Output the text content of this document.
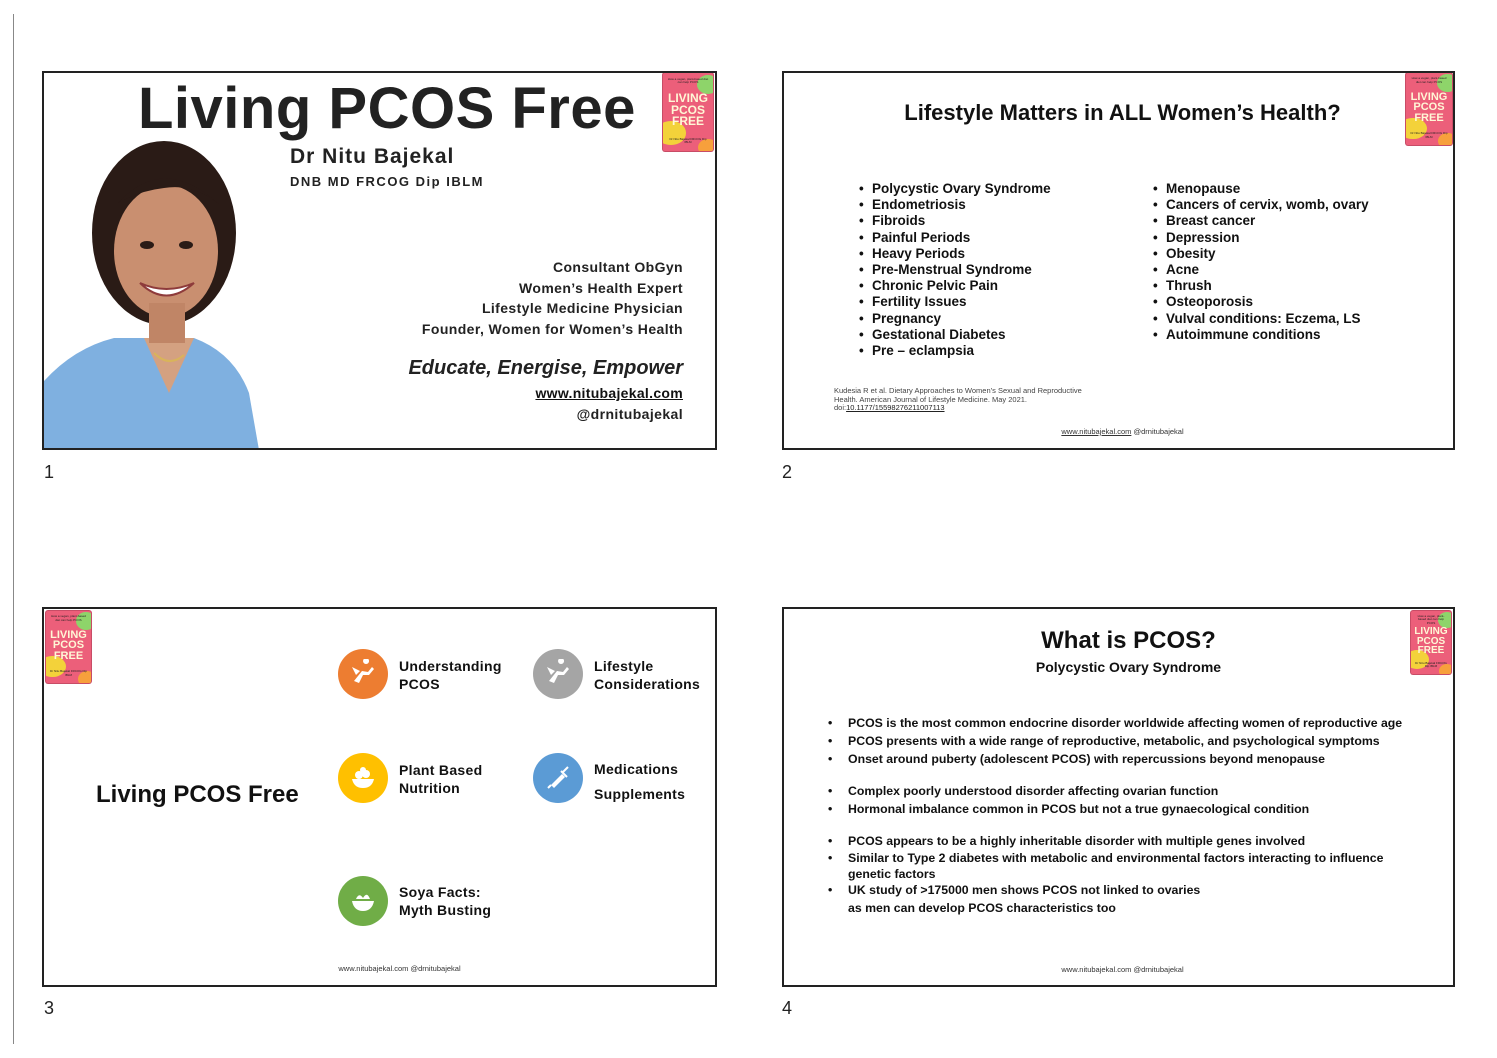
Living PCOS Free
Dr Nitu Bajekal
DNB MD FRCOG Dip IBLM
How a vegan, plant-based diet can help PCOS
LIVING
PCOS
FREE
Dr Nitu Bajekal FRCOG Dip IBLM
Consultant ObGyn
Women’s Health Expert
Lifestyle Medicine Physician
Founder, Women for Women’s Health
Educate, Energise, Empower
www.nitubajekal.com
@drnitubajekal
1
Lifestyle Matters in ALL Women’s Health?
How a vegan, plant-based diet can help PCOS
LIVING
PCOS
FREE
Dr Nitu Bajekal FRCOG Dip IBLM
• Polycystic Ovary Syndrome
• Endometriosis
• Fibroids
• Painful Periods
• Heavy Periods
• Pre-Menstrual Syndrome
• Chronic Pelvic Pain
• Fertility Issues
• Pregnancy
• Gestational Diabetes
• Pre – eclampsia
• Menopause
• Cancers of cervix, womb, ovary
• Breast cancer
• Depression
• Obesity
• Acne
• Thrush
• Osteoporosis
• Vulval conditions: Eczema, LS
• Autoimmune conditions
Kudesia R et al. Dietary Approaches to Women’s Sexual and Reproductive
Health. American Journal of Lifestyle Medicine. May 2021.
doi:10.1177/15598276211007113
www.nitubajekal.com @drnitubajekal
2
How a vegan, plant-based diet can help PCOS
LIVING
PCOS
FREE
Dr Nitu Bajekal FRCOG Dip IBLM
Living PCOS Free
Understanding
PCOS
Lifestyle
Considerations
Plant Based
Nutrition
Medications
Supplements
Soya Facts:
Myth Busting
www.nitubajekal.com @drnitubajekal
3
What is PCOS?
Polycystic Ovary Syndrome
How a vegan, plant-based diet can help PCOS
LIVING
PCOS
FREE
Dr Nitu Bajekal FRCOG Dip IBLM
• PCOS is the most common endocrine disorder worldwide affecting women of reproductive age
• PCOS presents with a wide range of reproductive, metabolic, and psychological symptoms
• Onset around puberty (adolescent PCOS) with repercussions beyond menopause
• Complex poorly understood disorder affecting ovarian function
• Hormonal imbalance common in PCOS but not a true gynaecological condition
• PCOS appears to be a highly inheritable disorder with multiple genes involved
• Similar to Type 2 diabetes with metabolic and environmental factors interacting to influence genetic factors
• UK study of >175000 men shows PCOS not linked to ovaries
as men can develop PCOS characteristics too
www.nitubajekal.com @drnitubajekal
4
